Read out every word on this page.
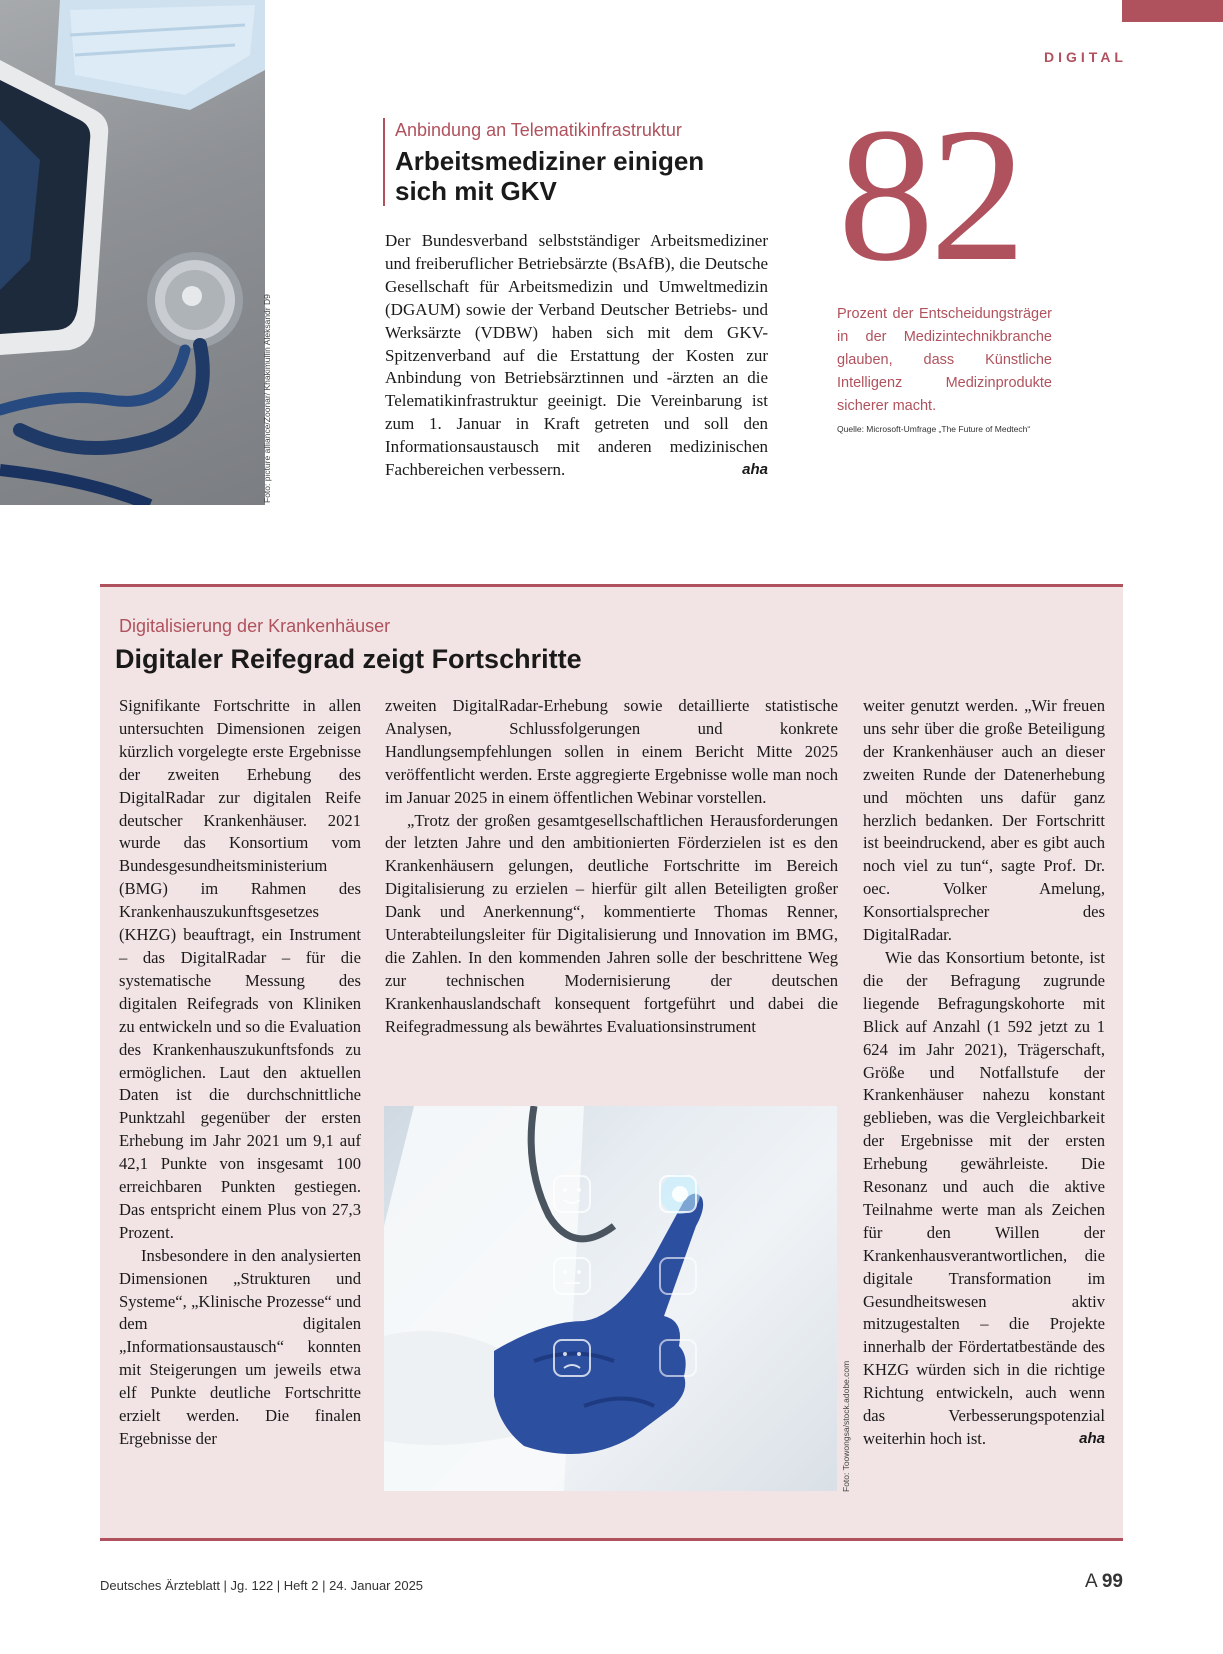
DIGITAL
Foto: picture alliance/Zoonar/ Khakimullin Aleksandr D9
Anbindung an Telematikinfrastruktur
Arbeitsmediziner einigen
sich mit GKV
Der Bundesverband selbstständiger Arbeitsmediziner und freiberuflicher Betriebsärzte (BsAfB), die Deutsche Gesellschaft für Arbeitsmedizin und Umweltmedizin (DGAUM) sowie der Verband Deutscher Betriebs- und Werksärzte (VDBW) haben sich mit dem GKV-Spitzenverband auf die Erstattung der Kosten zur Anbindung von Betriebsärztinnen und -ärzten an die Telematikinfrastruktur geeinigt. Die Vereinbarung ist zum 1. Januar in Kraft getreten und soll den Informationsaustausch mit anderen medizinischen Fachbereichen verbessern.	aha
82
Prozent der Entscheidungsträger in der Medizintechnikbranche glauben, dass Künstliche Intelligenz Medizinprodukte sicherer macht.
Quelle: Microsoft-Umfrage „The Future of Medtech“
Digitalisierung der Krankenhäuser
Digitaler Reifegrad zeigt Fortschritte

Signifikante Fortschritte in allen untersuchten Dimensionen zeigen kürzlich vorgelegte erste Ergebnisse der zweiten Erhebung des DigitalRadar zur digitalen Reife deutscher Krankenhäuser. 2021 wurde das Konsortium vom Bundesgesundheitsministerium (BMG) im Rahmen des Krankenhauszukunftsgesetzes (KHZG) beauftragt, ein Instrument – das DigitalRadar – für die systematische Messung des digitalen Reifegrads von Kliniken zu entwickeln und so die Evaluation des Krankenhauszukunftsfonds zu ermöglichen. Laut den aktuellen Daten ist die durchschnittliche Punktzahl gegenüber der ersten Erhebung im Jahr 2021 um 9,1 auf 42,1 Punkte von insgesamt 100 erreichbaren Punkten gestiegen. Das entspricht einem Plus von 27,3 Prozent.

Insbesondere in den analysierten Dimensionen „Strukturen und Systeme“, „Klinische Prozesse“ und dem digitalen „Informationsaustausch“ konnten mit Steigerungen um jeweils etwa elf Punkte deutliche Fortschritte erzielt werden. Die finalen Ergebnisse der

zweiten DigitalRadar-Erhebung sowie detaillierte statistische Analysen, Schlussfolgerungen und konkrete Handlungsempfehlungen sollen in einem Bericht Mitte 2025 veröffentlicht werden. Erste aggregierte Ergebnisse wolle man noch im Januar 2025 in einem öffentlichen Webinar vorstellen.

„Trotz der großen gesamtgesellschaftlichen Herausforderungen der letzten Jahre und den ambitionierten Förderzielen ist es den Krankenhäusern gelungen, deutliche Fortschritte im Bereich Digitalisierung zu erzielen – hierfür gilt allen Beteiligten großer Dank und Anerkennung“, kommentierte Thomas Renner, Unterabteilungsleiter für Digitalisierung und Innovation im BMG, die Zahlen. In den kommenden Jahren solle der beschrittene Weg zur technischen Modernisierung der deutschen Krankenhauslandschaft konsequent fortgeführt und dabei die Reifegradmessung als bewährtes Evaluationsinstrument

Foto: Toowongsa/stock.adobe.com

weiter genutzt werden. „Wir freuen uns sehr über die große Beteiligung der Krankenhäuser auch an dieser zweiten Runde der Datenerhebung und möchten uns dafür ganz herzlich bedanken. Der Fortschritt ist beeindruckend, aber es gibt auch noch viel zu tun“, sagte Prof. Dr. oec. Volker Amelung, Konsortialsprecher des DigitalRadar.

Wie das Konsortium betonte, ist die der Befragung zugrunde liegende Befragungskohorte mit Blick auf Anzahl (1 592 jetzt zu 1 624 im Jahr 2021), Trägerschaft, Größe und Notfallstufe der Krankenhäuser nahezu konstant geblieben, was die Vergleichbarkeit der Ergebnisse mit der ersten Erhebung gewährleiste. Die Resonanz und auch die aktive Teilnahme werte man als Zeichen für den Willen der Krankenhausverantwortlichen, die digitale Transformation im Gesundheitswesen aktiv mitzugestalten – die Projekte innerhalb der Fördertatbestände des KHZG würden sich in die richtige Richtung entwickeln, auch wenn das Verbesserungspotenzial weiterhin hoch ist.	aha

Deutsches Ärzteblatt | Jg. 122 | Heft 2 | 24. Januar 2025	A 99
